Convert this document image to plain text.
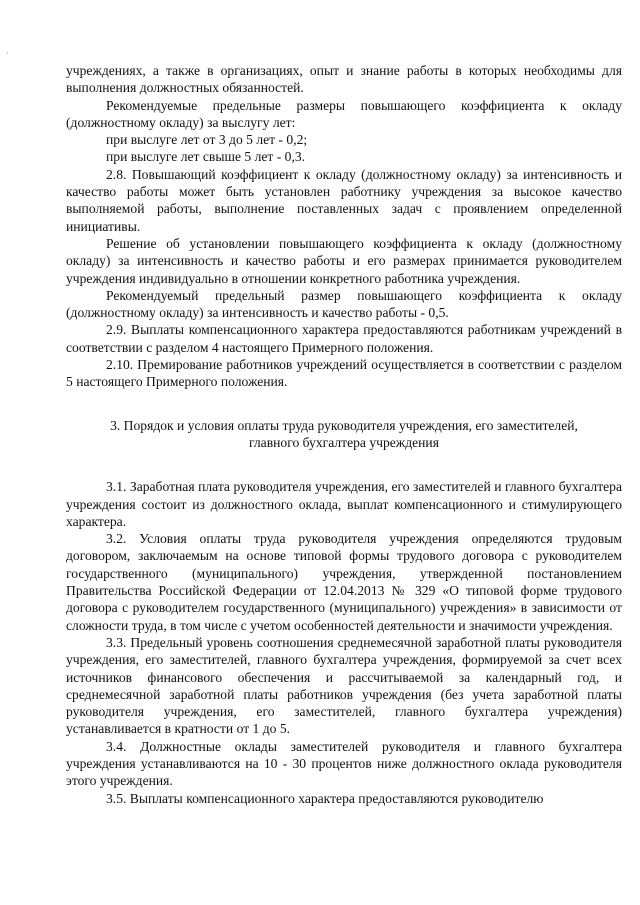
·

учреждениях, а также в организациях, опыт и знание работы в которых необходимы для выполнения должностных обязанностей.

Рекомендуемые предельные размеры повышающего коэффициента к окладу (должностному окладу) за выслугу лет:

при выслуге лет от 3 до 5 лет - 0,2;

при выслуге лет свыше 5 лет - 0,3.

2.8. Повышающий коэффициент к окладу (должностному окладу) за интенсивность и качество работы может быть установлен работнику учреждения за высокое качество выполняемой работы, выполнение поставленных задач с проявлением определенной инициативы.

Решение об установлении повышающего коэффициента к окладу (должностному окладу) за интенсивность и качество работы и его размерах принимается руководителем учреждения индивидуально в отношении конкретного работника учреждения.

Рекомендуемый предельный размер повышающего коэффициента к окладу (должностному окладу) за интенсивность и качество работы - 0,5.

2.9. Выплаты компенсационного характера предоставляются работникам учреждений в соответствии с разделом 4 настоящего Примерного положения.

2.10. Премирование работников учреждений осуществляется в соответствии с разделом 5 настоящего Примерного положения.

3. Порядок и условия оплаты труда руководителя учреждения, его заместителей, главного бухгалтера учреждения

3.1. Заработная плата руководителя учреждения, его заместителей и главного бухгалтера учреждения состоит из должностного оклада, выплат компенсационного и стимулирующего характера.

3.2. Условия оплаты труда руководителя учреждения определяются трудовым договором, заключаемым на основе типовой формы трудового договора с руководителем государственного (муниципального) учреждения, утвержденной постановлением Правительства Российской Федерации от 12.04.2013 № 329 «О типовой форме трудового договора с руководителем государственного (муниципального) учреждения» в зависимости от сложности труда, в том числе с учетом особенностей деятельности и значимости учреждения.

3.3. Предельный уровень соотношения среднемесячной заработной платы руководителя учреждения, его заместителей, главного бухгалтера учреждения, формируемой за счет всех источников финансового обеспечения и рассчитываемой за календарный год, и среднемесячной заработной платы работников учреждения (без учета заработной платы руководителя учреждения, его заместителей, главного бухгалтера учреждения) устанавливается в кратности от 1 до 5.

3.4. Должностные оклады заместителей руководителя и главного бухгалтера учреждения устанавливаются на 10 - 30 процентов ниже должностного оклада руководителя этого учреждения.

3.5. Выплаты компенсационного характера предоставляются руководителю
